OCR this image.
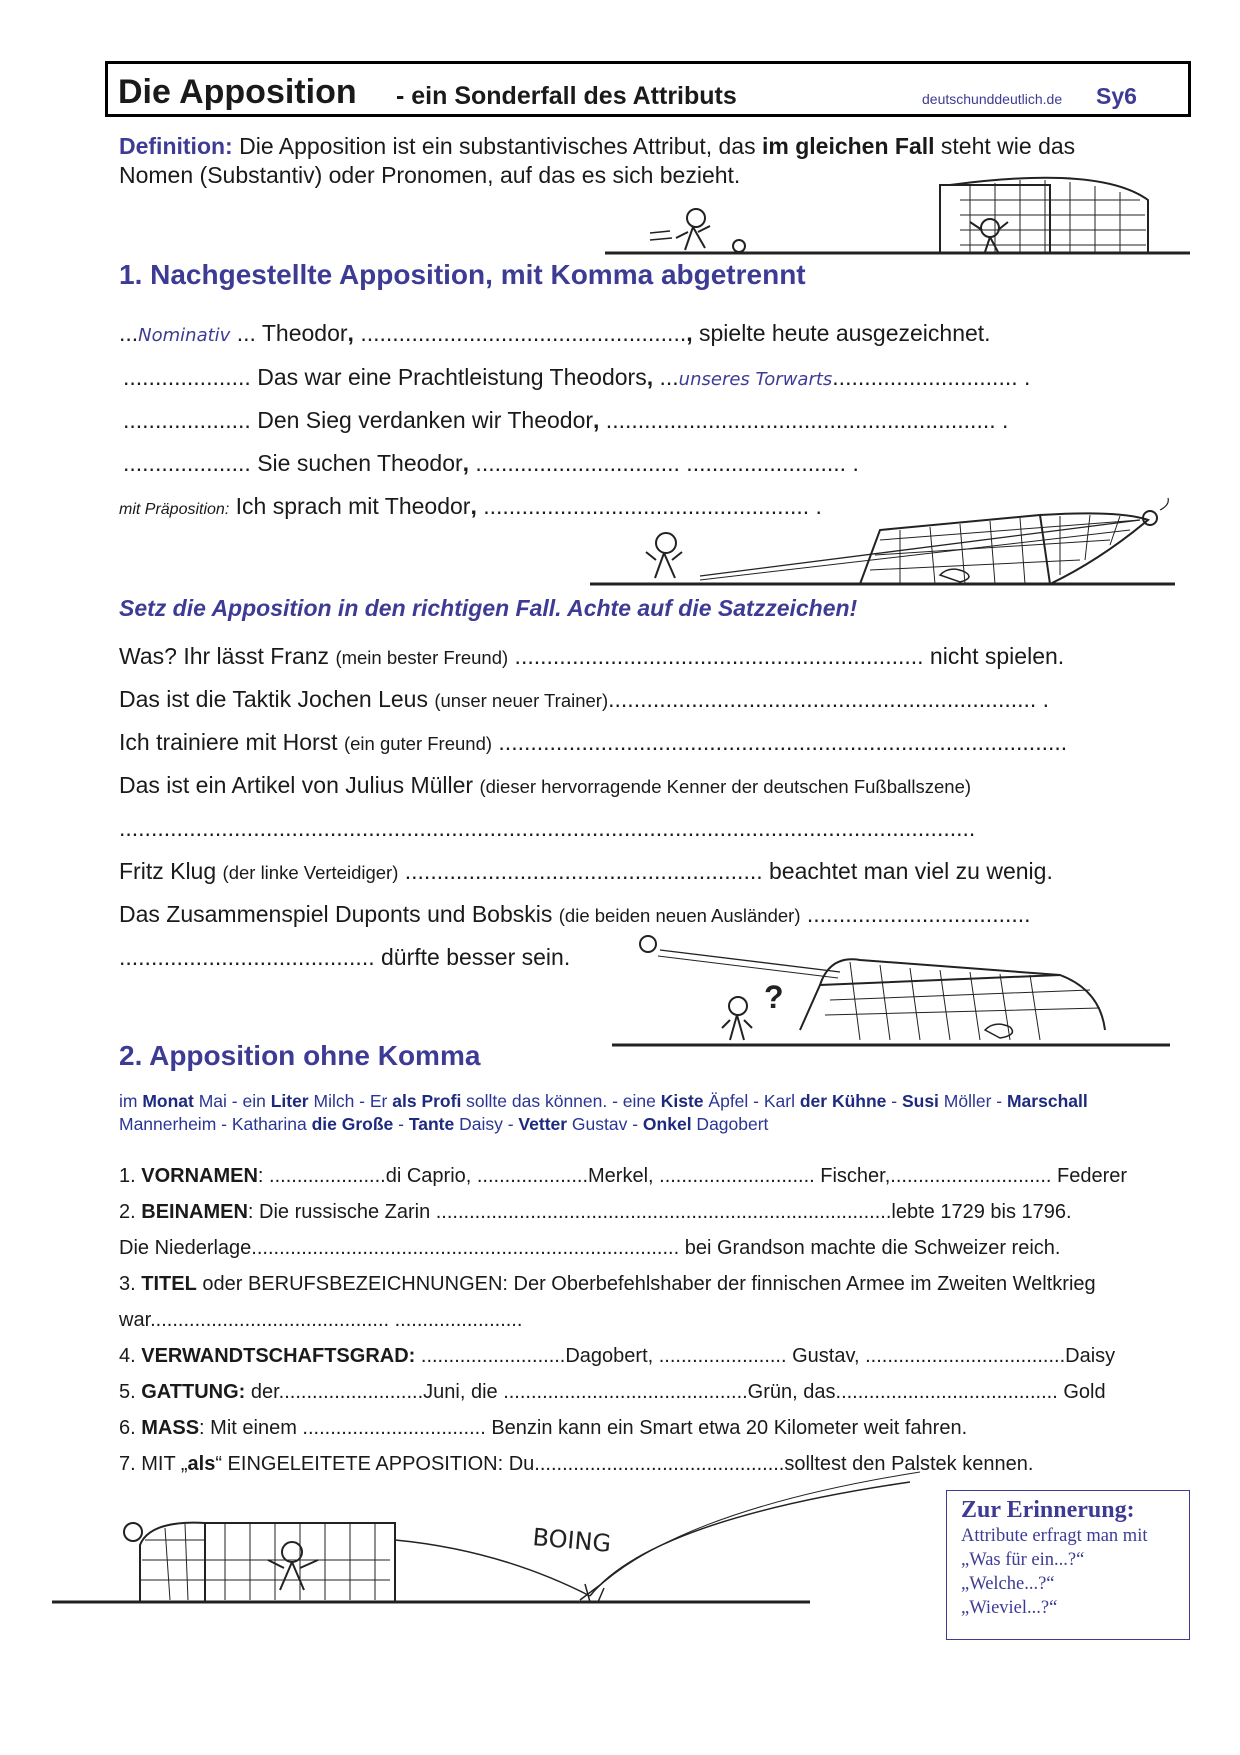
Die Apposition - ein Sonderfall des Attributs	deutschunddeutlich.de Sy6
Definition: Die Apposition ist ein substantivisches Attribut, das im gleichen Fall steht wie das
Nomen (Substantiv) oder Pronomen, auf das es sich bezieht.
1. Nachgestellte Apposition, mit Komma abgetrennt
...Nominativ ... Theodor, ..................................................., spielte heute ausgezeichnet.
.................... Das war eine Prachtleistung Theodors, ...unseres Torwarts............................. .
.................... Den Sieg verdanken wir Theodor, ............................................................. .
.................... Sie suchen Theodor, ................................ ......................... .
mit Präposition: Ich sprach mit Theodor, ................................................... .
Setz die Apposition in den richtigen Fall. Achte auf die Satzzeichen!
Was? Ihr lässt Franz (mein bester Freund) ................................................................ nicht spielen.
Das ist die Taktik Jochen Leus (unser neuer Trainer)................................................................... .
Ich trainiere mit Horst (ein guter Freund) .........................................................................................
Das ist ein Artikel von Julius Müller (dieser hervorragende Kenner der deutschen Fußballszene)
......................................................................................................................................
Fritz Klug (der linke Verteidiger) ........................................................ beachtet man viel zu wenig.
Das Zusammenspiel Duponts und Bobskis (die beiden neuen Ausländer) ...................................
........................................ dürfte besser sein.
2. Apposition ohne Komma
im Monat Mai - ein Liter Milch - Er als Profi sollte das können. - eine Kiste Äpfel - Karl der Kühne - Susi Möller - Marschall Mannerheim - Katharina die Große - Tante Daisy - Vetter Gustav - Onkel Dagobert
1. VORNAMEN: .....................di Caprio, ....................Merkel, ............................ Fischer,............................. Federer
2. BEINAMEN: Die russische Zarin ..................................................................................lebte 1729 bis 1796.
Die Niederlage............................................................................. bei Grandson machte die Schweizer reich.
3. TITEL oder BERUFSBEZEICHNUNGEN: Der Oberbefehlshaber der finnischen Armee im Zweiten Weltkrieg
war........................................... .......................
4. VERWANDTSCHAFTSGRAD: ..........................Dagobert, ....................... Gustav, ....................................Daisy
5. GATTUNG: der..........................Juni, die ............................................Grün, das........................................ Gold
6. MASS: Mit einem ................................. Benzin kann ein Smart etwa 20 Kilometer weit fahren.
7. MIT „als“ EINGELEITETE APPOSITION: Du.............................................solltest den Palstek kennen.
Zur Erinnerung:
Attribute erfragt man mit
„Was für ein...?“
„Welche...?“
„Wieviel...?“
?
BOING
